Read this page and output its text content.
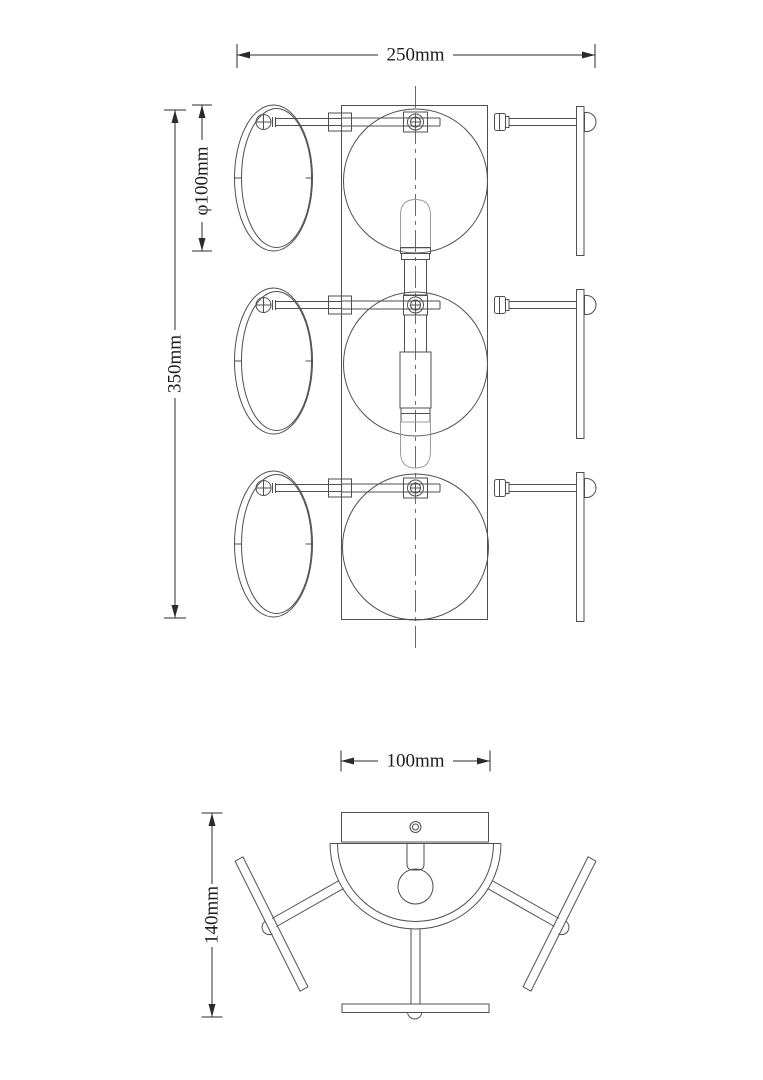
250mm
350mm
φ100mm
100mm
140mm
